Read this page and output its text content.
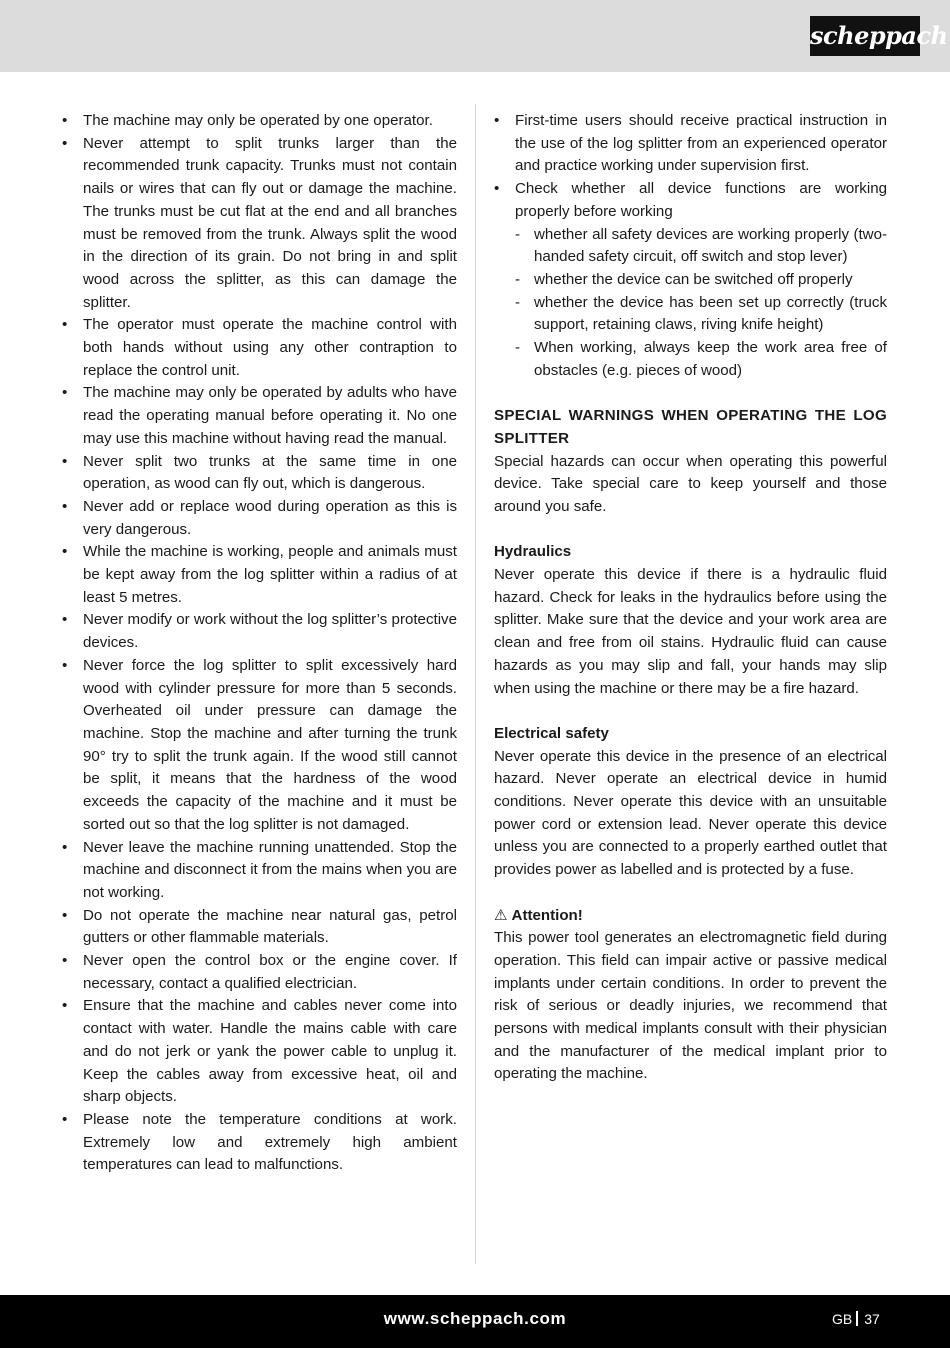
scheppach
• The machine may only be operated by one operator.
• Never attempt to split trunks larger than the recommended trunk capacity. Trunks must not contain nails or wires that can fly out or damage the machine. The trunks must be cut flat at the end and all branches must be removed from the trunk. Always split the wood in the direction of its grain. Do not bring in and split wood across the splitter, as this can damage the splitter.
• The operator must operate the machine control with both hands without using any other contraption to replace the control unit.
• The machine may only be operated by adults who have read the operating manual before operating it. No one may use this machine without having read the manual.
• Never split two trunks at the same time in one operation, as wood can fly out, which is dangerous.
• Never add or replace wood during operation as this is very dangerous.
• While the machine is working, people and animals must be kept away from the log splitter within a radius of at least 5 metres.
• Never modify or work without the log splitter’s protective devices.
• Never force the log splitter to split excessively hard wood with cylinder pressure for more than 5 seconds. Overheated oil under pressure can damage the machine. Stop the machine and after turning the trunk 90° try to split the trunk again. If the wood still cannot be split, it means that the hardness of the wood exceeds the capacity of the machine and it must be sorted out so that the log splitter is not damaged.
• Never leave the machine running unattended. Stop the machine and disconnect it from the mains when you are not working.
• Do not operate the machine near natural gas, petrol gutters or other flammable materials.
• Never open the control box or the engine cover. If necessary, contact a qualified electrician.
• Ensure that the machine and cables never come into contact with water. Handle the mains cable with care and do not jerk or yank the power cable to unplug it. Keep the cables away from excessive heat, oil and sharp objects.
• Please note the temperature conditions at work. Extremely low and extremely high ambient temperatures can lead to malfunctions.
• First-time users should receive practical instruction in the use of the log splitter from an experienced operator and practice working under supervision first.
• Check whether all device functions are working properly before working
- whether all safety devices are working properly (two-handed safety circuit, off switch and stop lever)
- whether the device can be switched off properly
- whether the device has been set up correctly (truck support, retaining claws, riving knife height)
- When working, always keep the work area free of obstacles (e.g. pieces of wood)
SPECIAL WARNINGS WHEN OPERATING THE LOG SPLITTER
Special hazards can occur when operating this powerful device. Take special care to keep yourself and those around you safe.
Hydraulics
Never operate this device if there is a hydraulic fluid hazard. Check for leaks in the hydraulics before using the splitter. Make sure that the device and your work area are clean and free from oil stains. Hydraulic fluid can cause hazards as you may slip and fall, your hands may slip when using the machine or there may be a fire hazard.
Electrical safety
Never operate this device in the presence of an electrical hazard. Never operate an electrical device in humid conditions. Never operate this device with an unsuitable power cord or extension lead. Never operate this device unless you are connected to a properly earthed outlet that provides power as labelled and is protected by a fuse.
⚠ Attention!
This power tool generates an electromagnetic field during operation. This field can impair active or passive medical implants under certain conditions. In order to prevent the risk of serious or deadly injuries, we recommend that persons with medical implants consult with their physician and the manufacturer of the medical implant prior to operating the machine.
www.scheppach.com	GB 37
